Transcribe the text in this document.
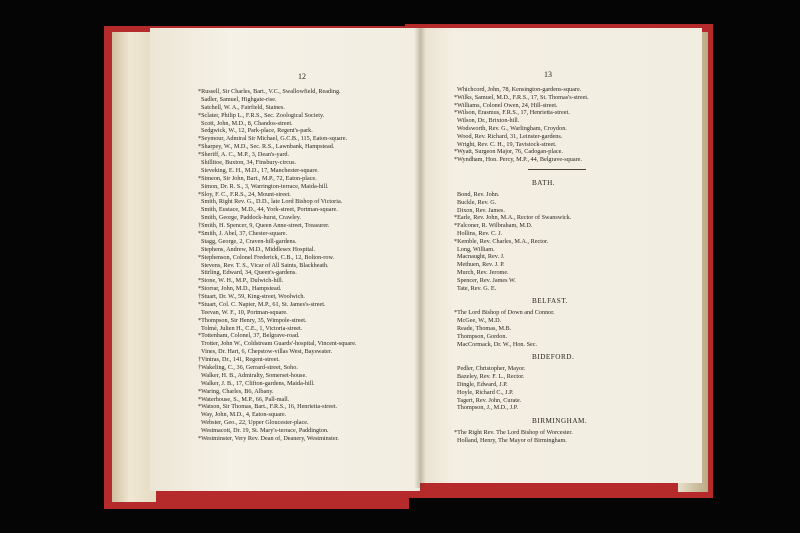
12
*Russell, Sir Charles, Bart., V.C., Swallowfield, Reading.
Sadler, Samuel, Highgate-rise.
Satchell, W. A., Fairfield, Staines.
*Sclater, Philip L., F.R.S., Sec. Zoological Society.
Scott, John, M.D., 8, Chandos-street.
Sedgwick, W., 12, Park-place, Regent's-park.
*Seymour, Admiral Sir Michael, G.C.B., 115, Eaton-square.
*Sharpey, W., M.D., Sec. R.S., Lawnbank, Hampstead.
*Sheriff, A. C., M.P., 3, Dean's-yard.
Shillitoe, Buxton, 34, Finsbury-circus.
Sieveking, E. H., M.D., 17, Manchester-square.
*Simeon, Sir John, Bart., M.P., 72, Eaton-place.
Simon, Dr. R. S., 3, Warrington-terrace, Maida-hill.
*Sloy, F. C., F.R.S., 24, Mount-street.
Smith, Right Rev. G., D.D., late Lord Bishop of Victoria.
Smith, Eustace, M.D., 44, York-street, Portman-square.
Smith, George, Paddock-hurst, Crawley.
†Smith, H. Spencer, 9, Queen Anne-street, Treasurer.
*Smith, J. Abel, 37, Chester-square.
Stagg, George, 2, Craven-hill-gardens.
Stephens, Andrew, M.D., Middlesex Hospital.
*Stephenson, Colonel Frederick, C.B., 12, Bolton-row.
Stevens, Rev. T. S., Vicar of All Saints, Blackheath.
Stirling, Edward, 34, Queen's-gardens.
*Stone, W. H., M.P., Dulwich-hill.
*Storrar, John, M.D., Hampstead.
†Stuart, Dr. W., 59, King-street, Woolwich.
*Stuart, Col. C. Napier, M.P., 61, St. James's-street.
Teevan, W. F., 10, Portman-square.
*Thompson, Sir Henry, 35, Wimpole-street.
Tolmé, Julien H., C.E., 1, Victoria-street.
*Tottenham, Colonel, 37, Belgrave-road.
Trotter, John W., Coldstream Guards'-hospital, Vincent-square.
Vines, Dr. Hart, 6, Chepstow-villas West, Bayswater.
†Vintras, Dr., 141, Regent-street.
†Wakeling, C., 36, Gerrard-street, Soho.
Walker, H. B., Admiralty, Somerset-house.
Walker, J. B., 17, Clifton-gardens, Maida-hill.
*Waring, Charles, B6, Albany.
*Waterhouse, S., M.P., 66, Pall-mall.
*Watson, Sir Thomas, Bart., F.R.S., 16, Henrietta-street.
Way, John, M.D., 4, Eaton-square.
Webster, Geo., 22, Upper Gloucester-place.
Westmacott, Dr. 19, St. Mary's-terrace, Paddington.
*Westminster, Very Rev. Dean of, Deanery, Westminster.
13
Whichcord, John, 78, Kensington-gardens-square.
*Wilks, Samuel, M.D., F.R.S., 17, St. Thomas's-street.
*Williams, Colonel Owen, 24, Hill-street.
*Wilson, Erasmus, F.R.S., 17, Henrietta-street.
Wilson, Dr., Brixton-hill.
Wodsworth, Rev. G., Warlingham, Croydon.
Wood, Rev. Richard, 31, Leinster-gardens.
Wright, Rev. C. H., 19, Tavistock-street.
*Wyatt, Surgeon Major, 76, Cadogan-place.
*Wyndham, Hon. Percy, M.P., 44, Belgrave-square.
BATH.
Bond, Rev. John.
Buckle, Rev. G.
Dixon, Rev. James.
*Earle, Rev. John, M.A., Rector of Swanswick.
*Falconer, R. Wilbraham, M.D.
Hollins, Rev. C. J.
*Kemble, Rev. Charles, M.A., Rector.
Long, William.
Macnaught, Rev. J.
Methuen, Rev. J. P.
Murch, Rev. Jerome.
Spencer, Rev. James W.
Tate, Rev. G. E.
BELFAST.
*The Lord Bishop of Down and Connor.
McGee, W., M.D.
Reade, Thomas, M.B.
Thompson, Gordon.
MacCormack, Dr. W., Hon. Sec.
BIDEFORD.
Pedler, Christopher, Mayor.
Bazeley, Rev. F. L., Rector.
Dingle, Edward, J.P.
Hoyle, Richard C., J.P.
Tagert, Rev. John, Curate.
Thompson, J., M.D., J.P.
BIRMINGHAM.
*The Right Rev. The Lord Bishop of Worcester.
Holland, Henry, The Mayor of Birmingham.
